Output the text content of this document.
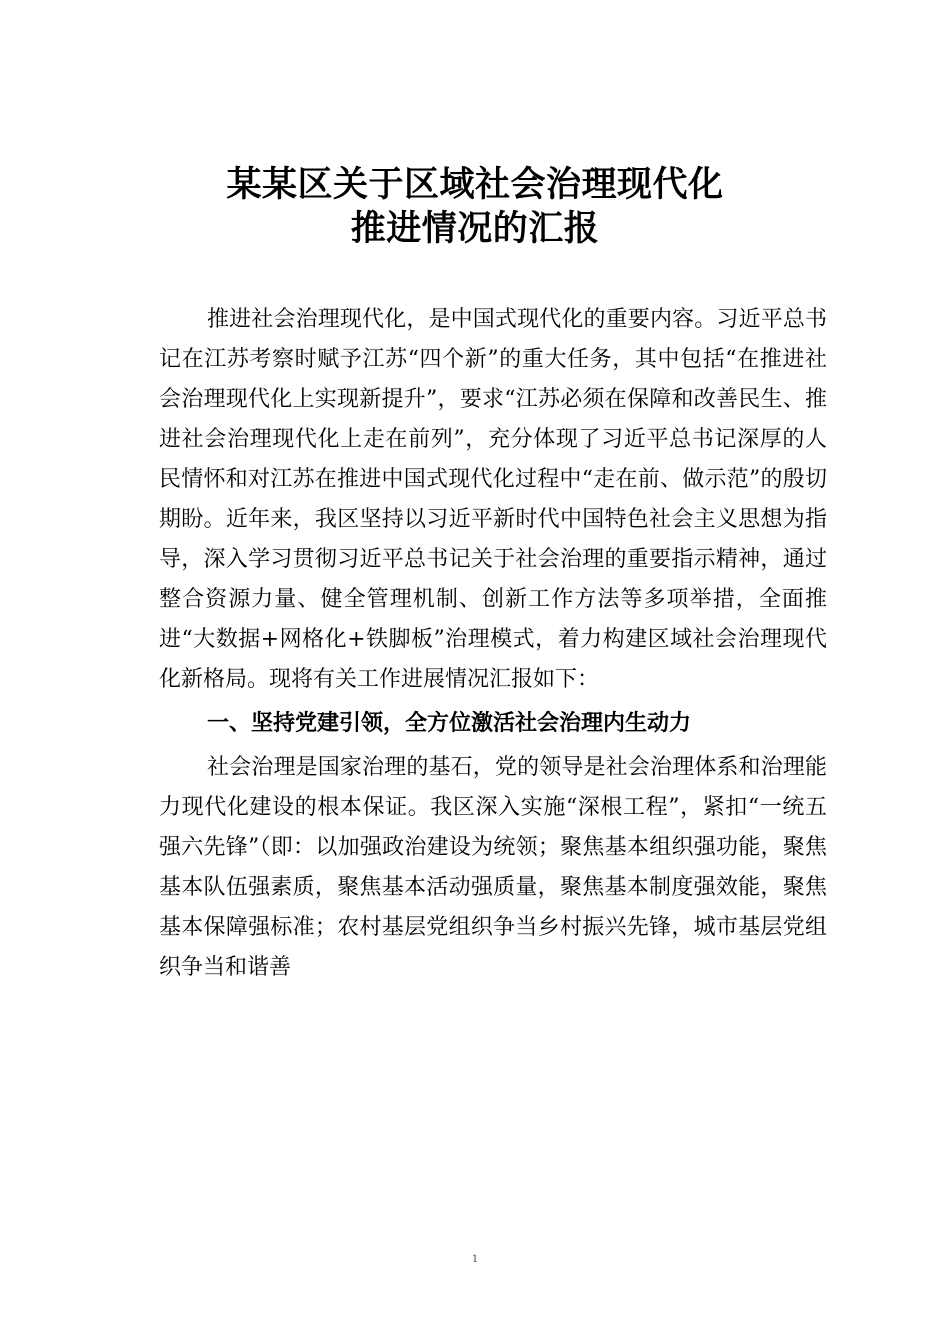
某某区关于区域社会治理现代化
推进情况的汇报

推进社会治理现代化，是中国式现代化的重要内容。习近平总书记在江苏考察时赋予江苏“四个新”的重大任务，其中包括“在推进社会治理现代化上实现新提升”，要求“江苏必须在保障和改善民生、推进社会治理现代化上走在前列”，充分体现了习近平总书记深厚的人民情怀和对江苏在推进中国式现代化过程中“走在前、做示范”的殷切期盼。近年来，我区坚持以习近平新时代中国特色社会主义思想为指导，深入学习贯彻习近平总书记关于社会治理的重要指示精神，通过整合资源力量、健全管理机制、创新工作方法等多项举措，全面推进“大数据+网格化+铁脚板”治理模式，着力构建区域社会治理现代化新格局。现将有关工作进展情况汇报如下：

一、坚持党建引领，全方位激活社会治理内生动力

社会治理是国家治理的基石，党的领导是社会治理体系和治理能力现代化建设的根本保证。我区深入实施“深根工程”，紧扣“一统五强六先锋”（即：以加强政治建设为统领；聚焦基本组织强功能，聚焦基本队伍强素质，聚焦基本活动强质量，聚焦基本制度强效能，聚焦基本保障强标准；农村基层党组织争当乡村振兴先锋，城市基层党组织争当和谐善

1
